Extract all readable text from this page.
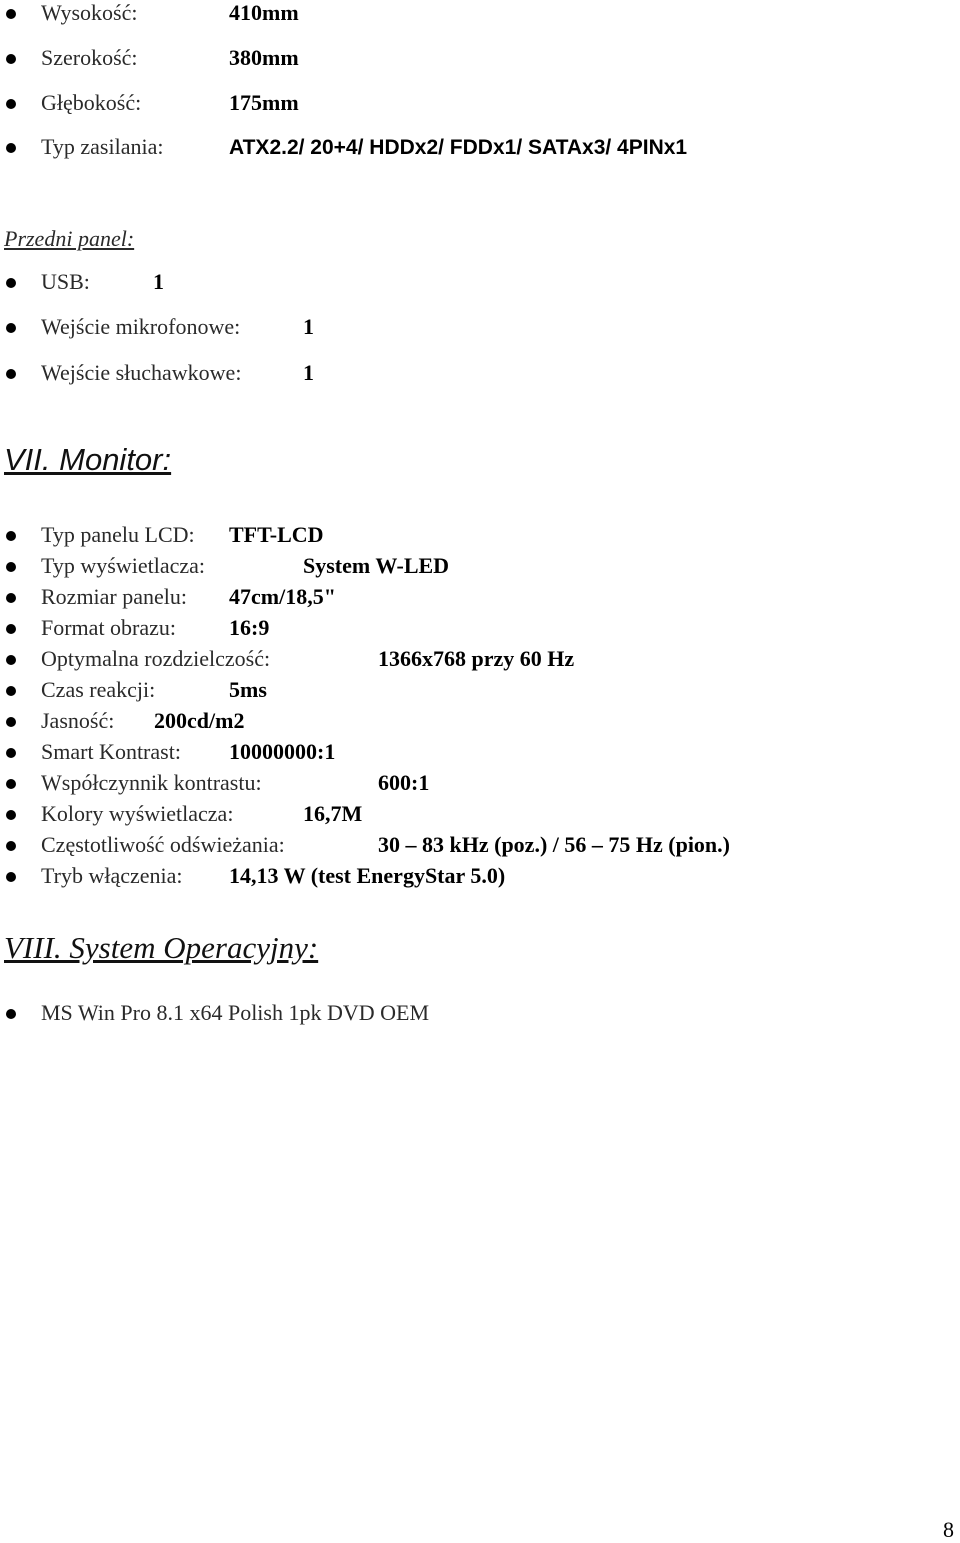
Wysokość:	410mm
Szerokość:	380mm
Głębokość:	175mm
Typ zasilania:	ATX2.2/ 20+4/ HDDx2/ FDDx1/ SATAx3/ 4PINx1
Przedni panel:
USB:	1
Wejście mikrofonowe:	1
Wejście słuchawkowe:	1
VII. Monitor:
Typ panelu LCD: TFT-LCD
Typ wyświetlacza:	System W-LED
Rozmiar panelu: 47cm/18,5"
Format obrazu: 16:9
Optymalna rozdzielczość:	1366x768 przy 60 Hz
Czas reakcji:	5ms
Jasność: 200cd/m2
Smart Kontrast: 10000000:1
Współczynnik kontrastu:	600:1
Kolory wyświetlacza:	16,7M
Częstotliwość odświeżania:	30 – 83 kHz (poz.) / 56 – 75 Hz (pion.)
Tryb włączenia: 14,13 W (test EnergyStar 5.0)
VIII. System Operacyjny:
MS Win Pro 8.1 x64 Polish 1pk DVD OEM
8
